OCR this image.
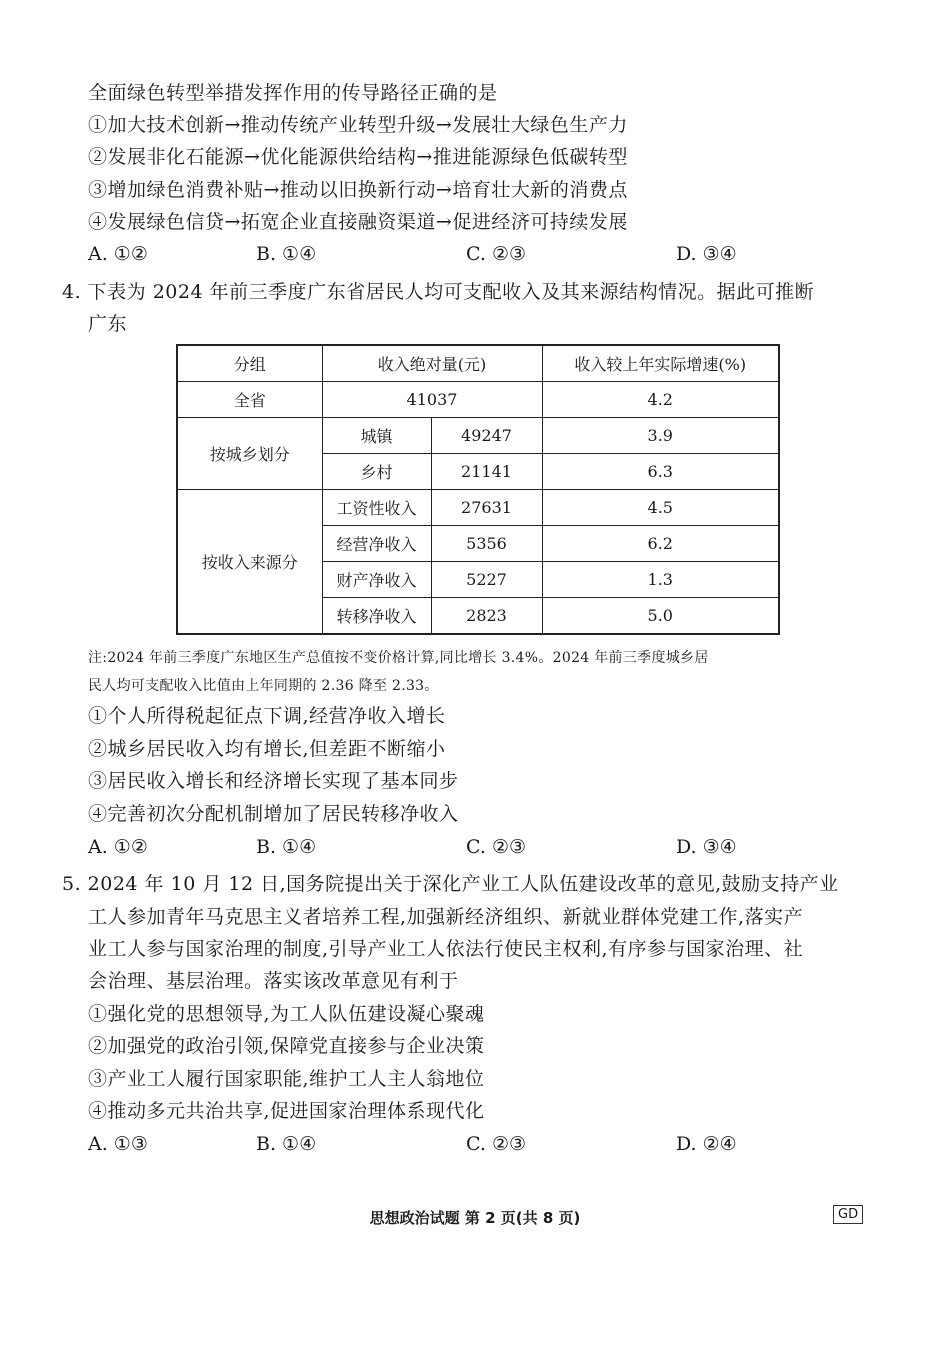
全面绿色转型举措发挥作用的传导路径正确的是
①加大技术创新→推动传统产业转型升级→发展壮大绿色生产力
②发展非化石能源→优化能源供给结构→推进能源绿色低碳转型
③增加绿色消费补贴→推动以旧换新行动→培育壮大新的消费点
④发展绿色信贷→拓宽企业直接融资渠道→促进经济可持续发展
A. ①②	B. ①④	C. ②③	D. ③④
4. 下表为 2024 年前三季度广东省居民人均可支配收入及其来源结构情况。据此可推断
广东
分组	收入绝对量(元)		收入较上年实际增速(%)
全省	41037		4.2
按城乡划分	城镇	49247	3.9
	乡村	21141	6.3
按收入来源分	工资性收入	27631	4.5
	经营净收入	5356	6.2
	财产净收入	5227	1.3
	转移净收入	2823	5.0
注:2024 年前三季度广东地区生产总值按不变价格计算,同比增长 3.4%。2024 年前三季度城乡居
民人均可支配收入比值由上年同期的 2.36 降至 2.33。
①个人所得税起征点下调,经营净收入增长
②城乡居民收入均有增长,但差距不断缩小
③居民收入增长和经济增长实现了基本同步
④完善初次分配机制增加了居民转移净收入
A. ①②	B. ①④	C. ②③	D. ③④
5. 2024 年 10 月 12 日,国务院提出关于深化产业工人队伍建设改革的意见,鼓励支持产业
工人参加青年马克思主义者培养工程,加强新经济组织、新就业群体党建工作,落实产
业工人参与国家治理的制度,引导产业工人依法行使民主权利,有序参与国家治理、社
会治理、基层治理。落实该改革意见有利于
①强化党的思想领导,为工人队伍建设凝心聚魂
②加强党的政治引领,保障党直接参与企业决策
③产业工人履行国家职能,维护工人主人翁地位
④推动多元共治共享,促进国家治理体系现代化
A. ①③	B. ①④	C. ②③	D. ②④
思想政治试题 第 2 页(共 8 页)	GD
